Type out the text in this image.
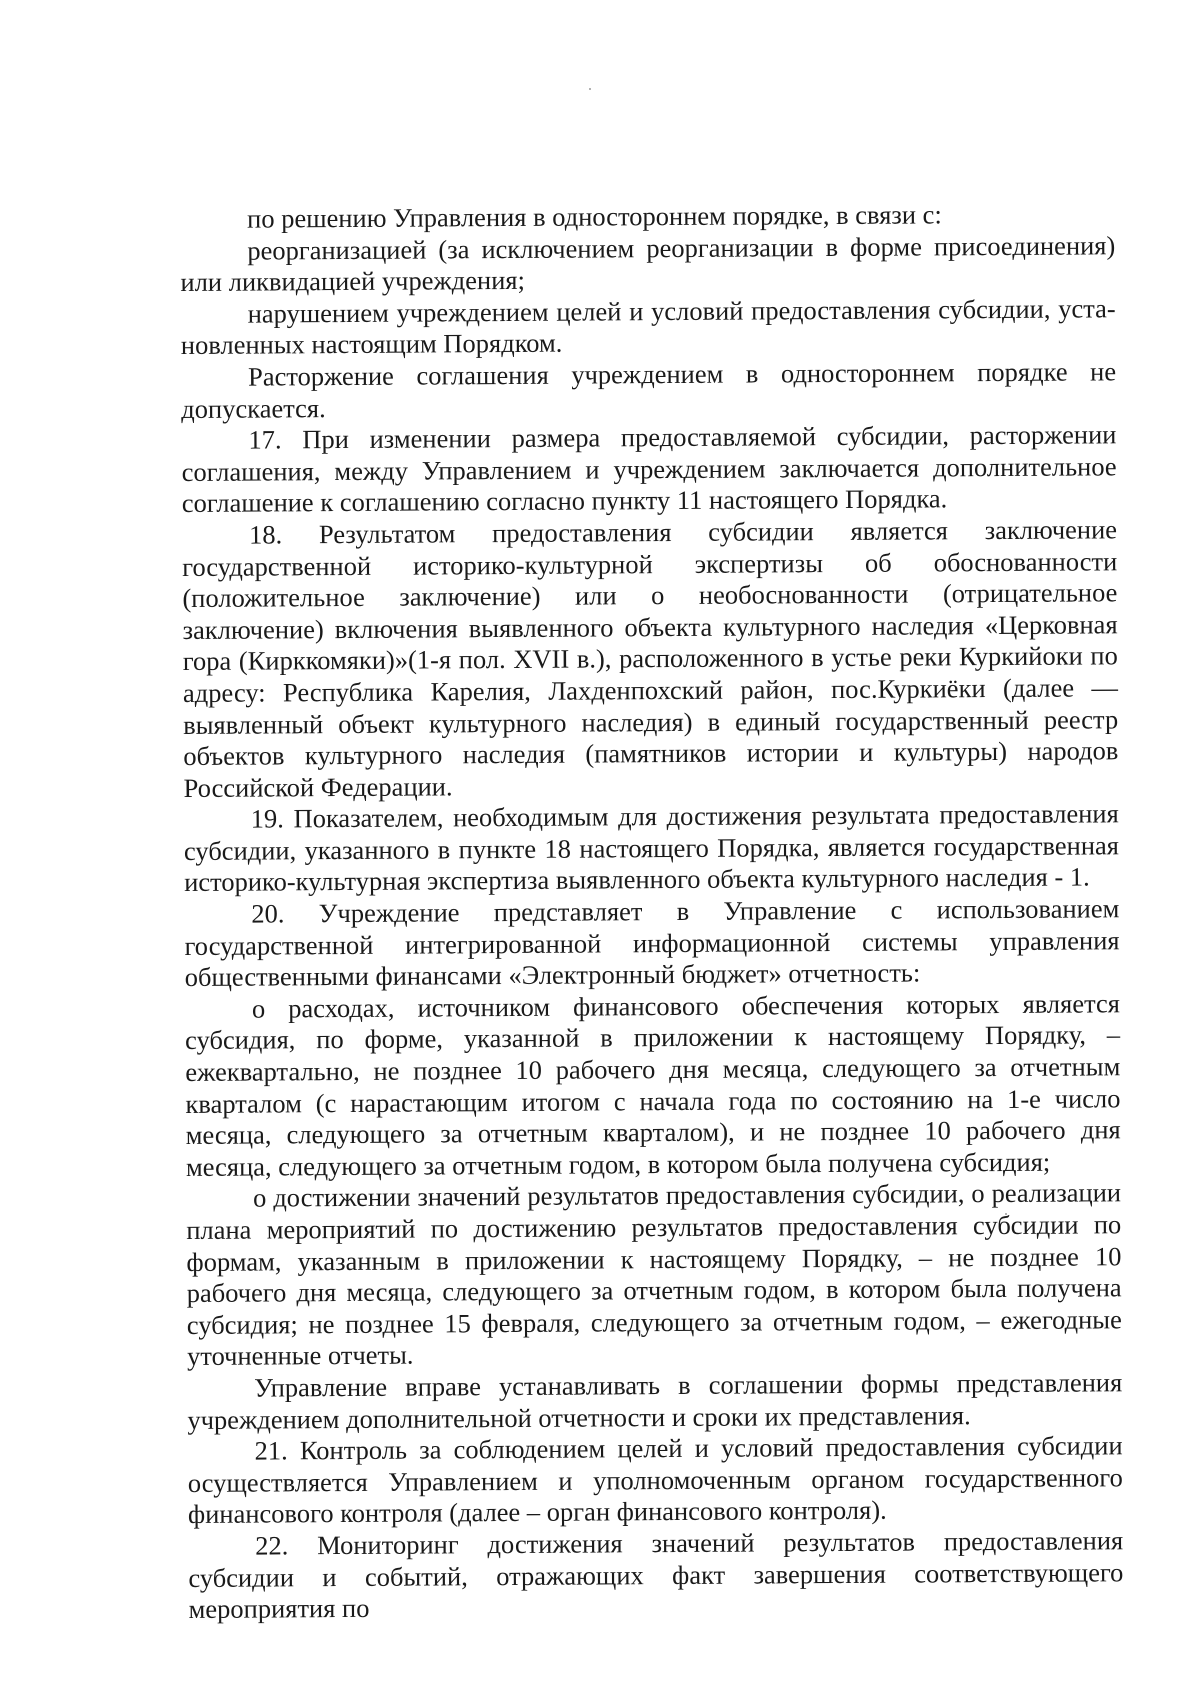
по решению Управления в одностороннем порядке, в связи с:

реорганизацией (за исключением реорганизации в форме присоединения) или ликвидацией учреждения;

нарушением учреждением целей и условий предоставления субсидии, установленных настоящим Порядком.

Расторжение соглашения учреждением в одностороннем порядке не допускается.

17. При изменении размера предоставляемой субсидии, расторжении соглашения, между Управлением и учреждением заключается дополнительное соглашение к соглашению согласно пункту 11 настоящего Порядка.

18. Результатом предоставления субсидии является заключение государственной историко-культурной экспертизы об обоснованности (положительное заключение) или о необоснованности (отрицательное заключение) включения выявленного объекта культурного наследия «Церковная гора (Кирккомяки)»(1-я пол. XVII в.), расположенного в устье реки Куркийоки по адресу: Республика Карелия, Лахденпохский район, пос.Куркиёки (далее — выявленный объект культурного наследия) в единый государственный реестр объектов культурного наследия (памятников истории и культуры) народов Российской Федерации.

19. Показателем, необходимым для достижения результата предоставления субсидии, указанного в пункте 18 настоящего Порядка, является государственная историко-культурная экспертиза выявленного объекта культурного наследия - 1.

20. Учреждение представляет в Управление с использованием государственной интегрированной информационной системы управления общественными финансами «Электронный бюджет» отчетность:

о расходах, источником финансового обеспечения которых является субсидия, по форме, указанной в приложении к настоящему Порядку, – ежеквартально, не позднее 10 рабочего дня месяца, следующего за отчетным кварталом (с нарастающим итогом с начала года по состоянию на 1-е число месяца, следующего за отчетным кварталом), и не позднее 10 рабочего дня месяца, следующего за отчетным годом, в котором была получена субсидия;

о достижении значений результатов предоставления субсидии, о реализации плана мероприятий по достижению результатов предоставления субсидии по формам, указанным в приложении к настоящему Порядку, – не позднее 10 рабочего дня месяца, следующего за отчетным годом, в котором была получена субсидия; не позднее 15 февраля, следующего за отчетным годом, – ежегодные уточненные отчеты.

Управление вправе устанавливать в соглашении формы представления учреждением дополнительной отчетности и сроки их представления.

21. Контроль за соблюдением целей и условий предоставления субсидии осуществляется Управлением и уполномоченным органом государственного финансового контроля (далее – орган финансового контроля).

22. Мониторинг достижения значений результатов предоставления субсидии и событий, отражающих факт завершения соответствующего мероприятия по
